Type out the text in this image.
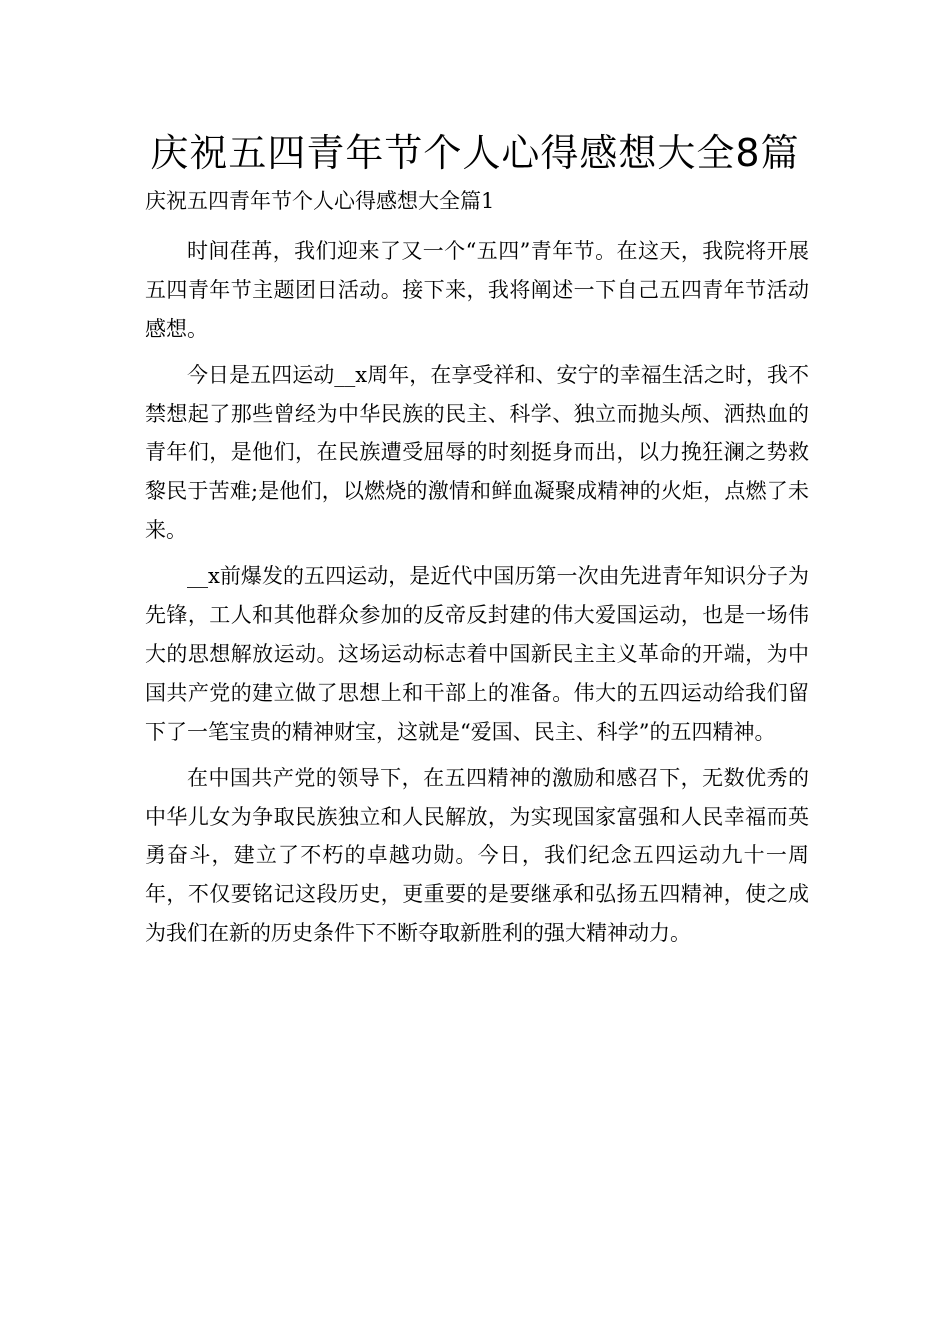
庆祝五四青年节个人心得感想大全8篇
庆祝五四青年节个人心得感想大全篇1

时间荏苒，我们迎来了又一个“五四”青年节。在这天，我院将开展五四青年节主题团日活动。接下来，我将阐述一下自己五四青年节活动感想。

今日是五四运动__x周年，在享受祥和、安宁的幸福生活之时，我不禁想起了那些曾经为中华民族的民主、科学、独立而抛头颅、洒热血的青年们，是他们，在民族遭受屈辱的时刻挺身而出，以力挽狂澜之势救黎民于苦难;是他们，以燃烧的激情和鲜血凝聚成精神的火炬，点燃了未来。

__x前爆发的五四运动，是近代中国历第一次由先进青年知识分子为先锋，工人和其他群众参加的反帝反封建的伟大爱国运动，也是一场伟大的思想解放运动。这场运动标志着中国新民主主义革命的开端，为中国共产党的建立做了思想上和干部上的准备。伟大的五四运动给我们留下了一笔宝贵的精神财宝，这就是“爱国、民主、科学”的五四精神。

在中国共产党的领导下，在五四精神的激励和感召下，无数优秀的中华儿女为争取民族独立和人民解放，为实现国家富强和人民幸福而英勇奋斗，建立了不朽的卓越功勋。今日，我们纪念五四运动九十一周年，不仅要铭记这段历史，更重要的是要继承和弘扬五四精神，使之成为我们在新的历史条件下不断夺取新胜利的强大精神动力。
